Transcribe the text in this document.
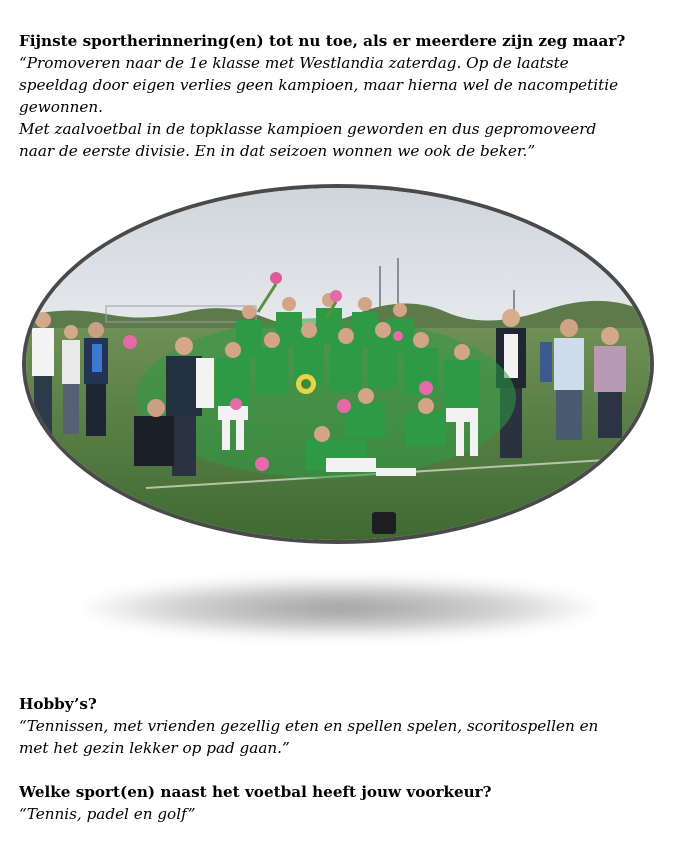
Fijnste sportherinnering(en) tot nu toe, als er meerdere zijn zeg maar?

“Promoveren naar de 1e klasse met Westlandia zaterdag. Op de laatste

speeldag door eigen verlies geen kampioen, maar hierna wel de nacompetitie

gewonnen.

Met zaalvoetbal in de topklasse kampioen geworden en dus gepromoveerd

naar de eerste divisie. En in dat seizoen wonnen we ook de beker.”

Hobby’s?

“Tennissen, met vrienden gezellig eten en spellen spelen, scoritospellen en

met het gezin lekker op pad gaan.”

Welke sport(en) naast het voetbal heeft jouw voorkeur?

“Tennis, padel en golf”
